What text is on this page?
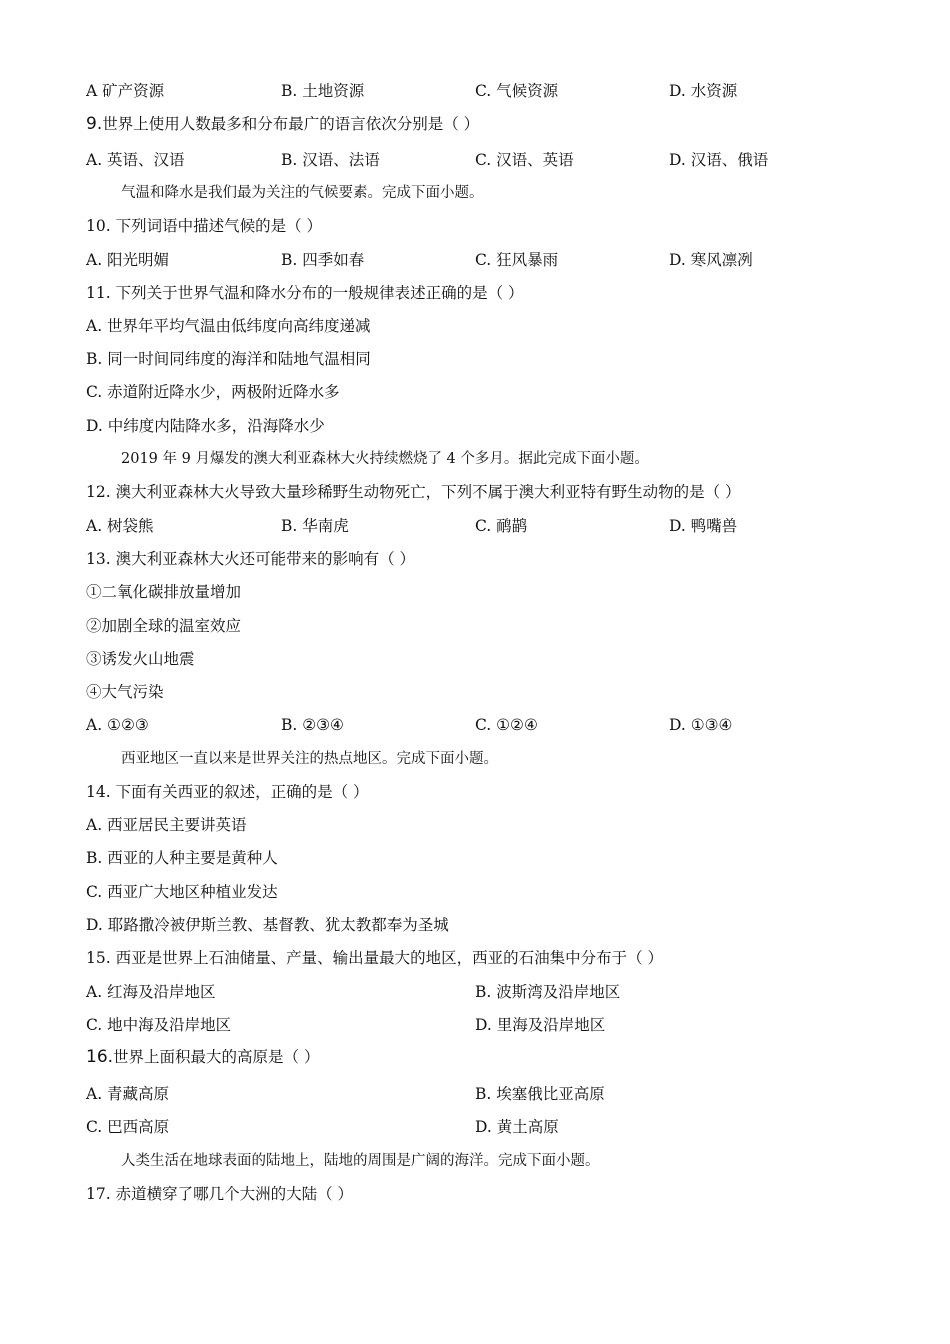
A 矿产资源	B. 土地资源	C. 气候资源	D. 水资源
9.世界上使用人数最多和分布最广的语言依次分别是（ ）
A. 英语、汉语	B. 汉语、法语	C. 汉语、英语	D. 汉语、俄语
气温和降水是我们最为关注的气候要素。完成下面小题。
10. 下列词语中描述气候的是（ ）
A. 阳光明媚	B. 四季如春	C. 狂风暴雨	D. 寒风凛冽
11. 下列关于世界气温和降水分布的一般规律表述正确的是（ ）
A. 世界年平均气温由低纬度向高纬度递减
B. 同一时间同纬度的海洋和陆地气温相同
C. 赤道附近降水少，两极附近降水多
D. 中纬度内陆降水多，沿海降水少
2019 年 9 月爆发的澳大利亚森林大火持续燃烧了 4 个多月。据此完成下面小题。
12. 澳大利亚森林大火导致大量珍稀野生动物死亡，下列不属于澳大利亚特有野生动物的是（ ）
A. 树袋熊	B. 华南虎	C. 鸸鹋	D. 鸭嘴兽
13. 澳大利亚森林大火还可能带来的影响有（ ）
①二氧化碳排放量增加
②加剧全球的温室效应
③诱发火山地震
④大气污染
A. ①②③	B. ②③④	C. ①②④	D. ①③④
西亚地区一直以来是世界关注的热点地区。完成下面小题。
14. 下面有关西亚的叙述，正确的是（ ）
A. 西亚居民主要讲英语
B. 西亚的人种主要是黄种人
C. 西亚广大地区种植业发达
D. 耶路撒冷被伊斯兰教、基督教、犹太教都奉为圣城
15. 西亚是世界上石油储量、产量、输出量最大的地区，西亚的石油集中分布于（ ）
A. 红海及沿岸地区	B. 波斯湾及沿岸地区
C. 地中海及沿岸地区	D. 里海及沿岸地区
16.世界上面积最大的高原是（ ）
A. 青藏高原	B. 埃塞俄比亚高原
C. 巴西高原	D. 黄土高原
人类生活在地球表面的陆地上，陆地的周围是广阔的海洋。完成下面小题。
17. 赤道横穿了哪几个大洲的大陆（ ）
